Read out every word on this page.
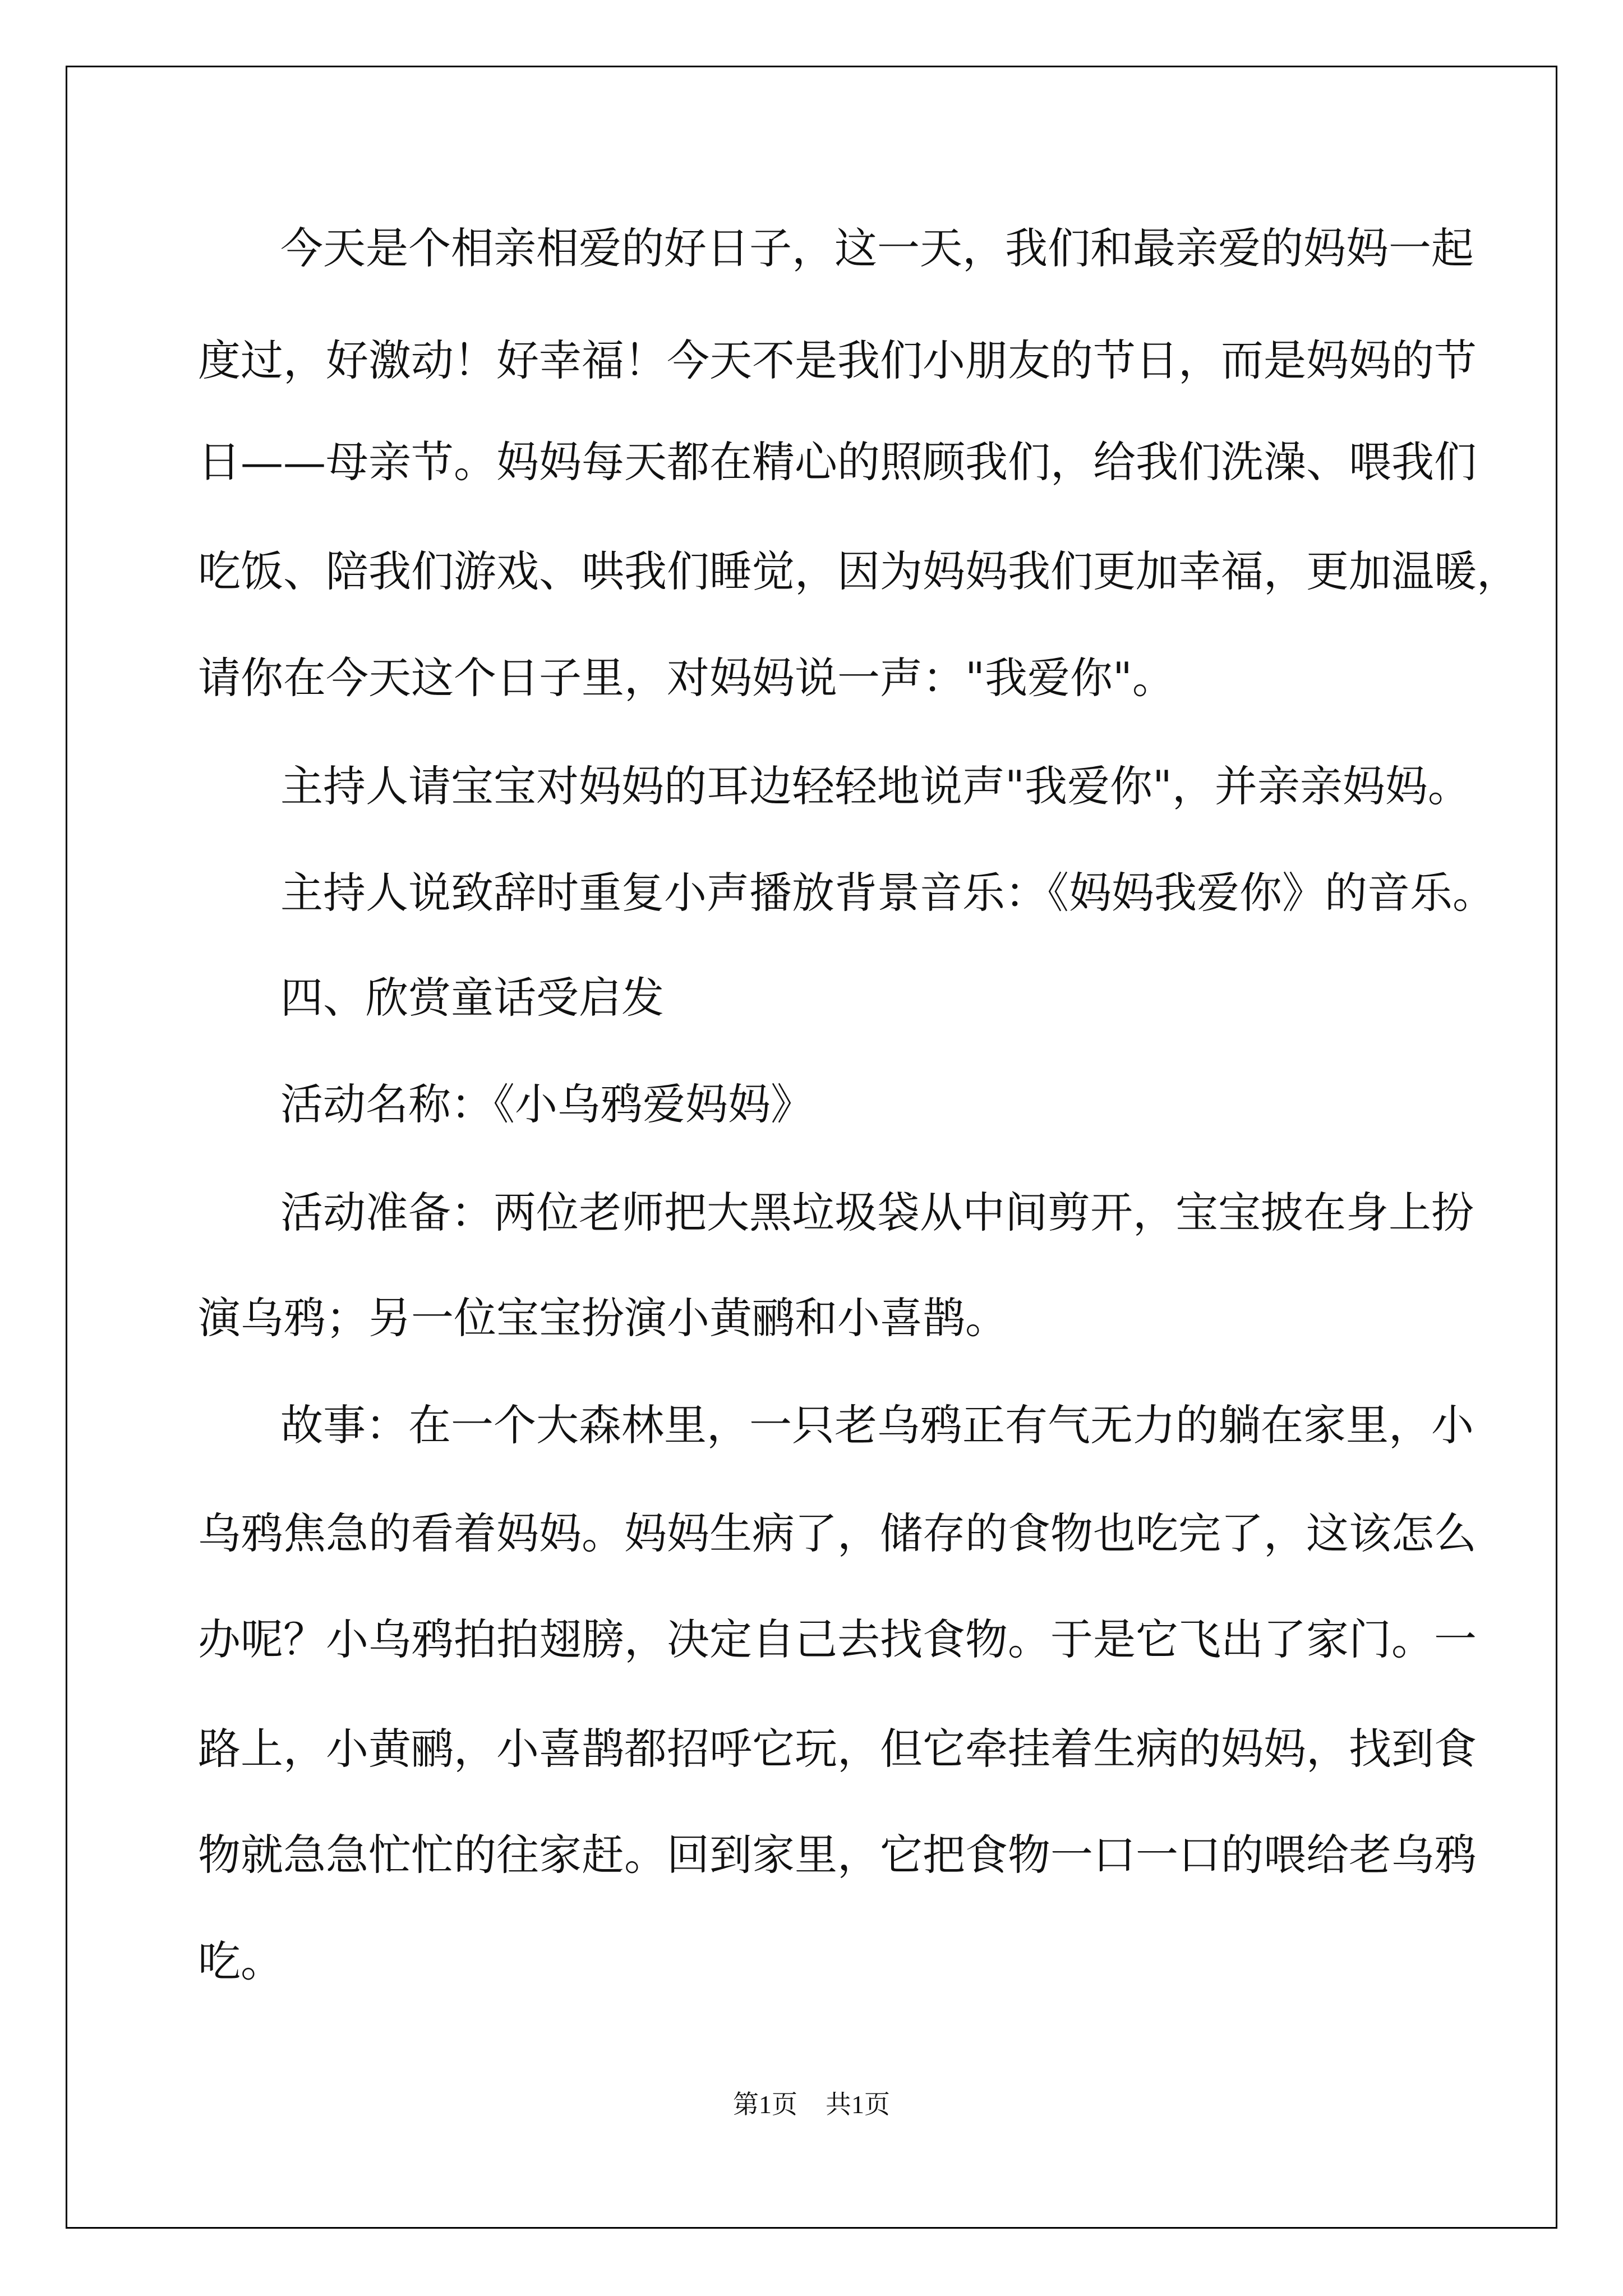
今天是个相亲相爱的好日子，这一天，我们和最亲爱的妈妈一起
度过，好激动！好幸福！今天不是我们小朋友的节日，而是妈妈的节
日——母亲节。妈妈每天都在精心的照顾我们，给我们洗澡、喂我们
吃饭、陪我们游戏、哄我们睡觉，因为妈妈我们更加幸福，更加温暖，
请你在今天这个日子里，对妈妈说一声："我爱你"。
主持人请宝宝对妈妈的耳边轻轻地说声"我爱你"，并亲亲妈妈。
主持人说致辞时重复小声播放背景音乐：《妈妈我爱你》的音乐。
四、欣赏童话受启发
活动名称：《小乌鸦爱妈妈》
活动准备：两位老师把大黑垃圾袋从中间剪开，宝宝披在身上扮
演乌鸦；另一位宝宝扮演小黄鹂和小喜鹊。
故事：在一个大森林里，一只老乌鸦正有气无力的躺在家里，小
乌鸦焦急的看着妈妈。妈妈生病了，储存的食物也吃完了，这该怎么
办呢？小乌鸦拍拍翅膀，决定自己去找食物。于是它飞出了家门。一
路上，小黄鹂，小喜鹊都招呼它玩，但它牵挂着生病的妈妈，找到食
物就急急忙忙的往家赶。回到家里，它把食物一口一口的喂给老乌鸦
吃。
第1页 共1页
